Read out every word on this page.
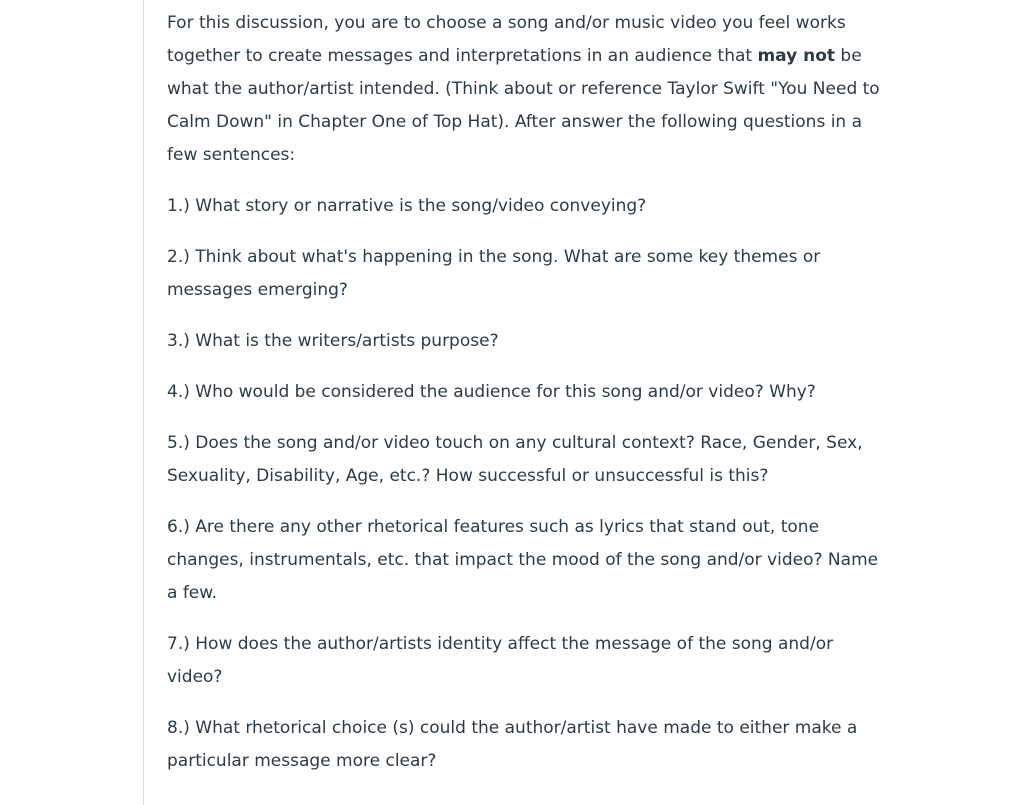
For this discussion, you are to choose a song and/or music video you feel works together to create messages and interpretations in an audience that may not be what the author/artist intended. (Think about or reference Taylor Swift "You Need to Calm Down" in Chapter One of Top Hat). After answer the following questions in a few sentences:

1.) What story or narrative is the song/video conveying?

2.) Think about what's happening in the song. What are some key themes or messages emerging?

3.) What is the writers/artists purpose?

4.) Who would be considered the audience for this song and/or video? Why?

5.) Does the song and/or video touch on any cultural context? Race, Gender, Sex, Sexuality, Disability, Age, etc.? How successful or unsuccessful is this?

6.) Are there any other rhetorical features such as lyrics that stand out, tone changes, instrumentals, etc. that impact the mood of the song and/or video? Name a few.

7.) How does the author/artists identity affect the message of the song and/or video?

8.) What rhetorical choice (s) could the author/artist have made to either make a particular message more clear?
